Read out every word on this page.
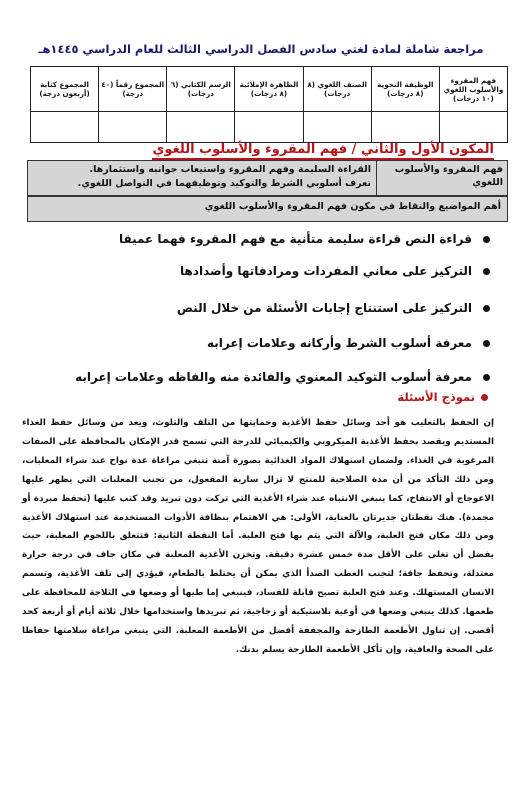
مراجعة شاملة لمادة لغتي سادس الفصل الدراسي الثالث للعام الدراسي ١٤٤٥هـ
فهم المقروء والأسلوب اللغوي (١٠ درجات)	الوظيفة النحوية (٨ درجات)	الصنف اللغوي (٨ درجات)	الظاهرة الإملائية (٨ درجات)	الرسم الكتابي (٦ درجات)	المجموع رقماً (٤٠ درجة)	المجموع كتابة (أربعون درجة)

المكون الأول والثاني / فهم المقروء والأسلوب اللغوي
فهم المقروء والأسلوب اللغوي
القراءة السليمة وفهم المقروء واستيعاب جوانبه واستثمارها.
تعرف أسلوبي الشرط والتوكيد وتوظيفهما في التواصل اللغوي.
أهم المواضيع والنقاط في مكون فهم المقروء والأسلوب اللغوي
قراءة النص قراءة سليمة متأنية مع فهم المقروء فهما عميقا
التركيز على معاني المفردات ومرادفاتها وأضدادها
التركيز على استنتاج إجابات الأسئلة من خلال النص
معرفة أسلوب الشرط وأركانه وعلامات إعرابه
معرفة أسلوب التوكيد المعنوي والفائدة منه والفاظه وعلامات إعرابه
نموذج الأسئلة
إن الحفظ بالتعليب هو أحد وسائل حفظ الأغذية وحمايتها من التلف والتلوث، ويعد من وسائل حفظ الغذاء المستديم ويقصد بحفظ الأغذية الميكروبي والكيميائي للدرجة التي تسمح قدر الإمكان بالمحافظة على الصفات المرغوبة في الغذاء. ولضمان استهلاك المواد الغذائية بصورة آمنة تنبغي مراعاة عدة نواح عند شراء المعلبات، ومن ذلك التأكد من أن مدة الصلاحية للمنتج لا تزال سارية المفعول، من تجنب المعلبات التي يظهر عليها الاعوجاج أو الانتفاخ، كما ينبغي الانتباه عند شراء الأغذية التي تركت دون تبريد وقد كتب عليها (تحفظ مبردة أو مجمدة). هنك نقطتان جديرتان بالعناية، الأولى: هي الاهتمام بنظافة الأدوات المستخدمة عند استهلاك الأغذية ومن ذلك مكان فتح العلبة، والآلة التي يتم بها فتح العلبة. أما النقطة الثانية: فتتعلق باللحوم المعلبة، حيث يفضل أن تغلى على الأقل مدة خمس عشرة دقيقة. وتخزن الأغذية المعلبة في مكان جاف في درجة حرارة معتدلة، وتحفظ جافة؛ لتجنب العطب الصدأ الذي يمكن أن يختلط بالطعام، فيؤدي إلى تلف الأغذية، وتسمم الانسان المستهلك. وعند فتح العلبة تصبح قابلة للفساد، فينبغي إما طيها أو وضعها في الثلاجة للمحافظة على طعمها. كذلك ينبغي وضعها في أوعية بلاستيكية أو زجاجية، ثم تبريدها واستخدامها خلال ثلاثة أيام أو أربعة كحد أقصى. إن تناول الأطعمة الطازجة والمجففة أفضل من الأطعمة المعلبة. التي ينبغي مراعاة سلامتها حفاظا على الصحة والعافية، وإن تأكل الأطعمة الطازجة يسلم بدنك.
